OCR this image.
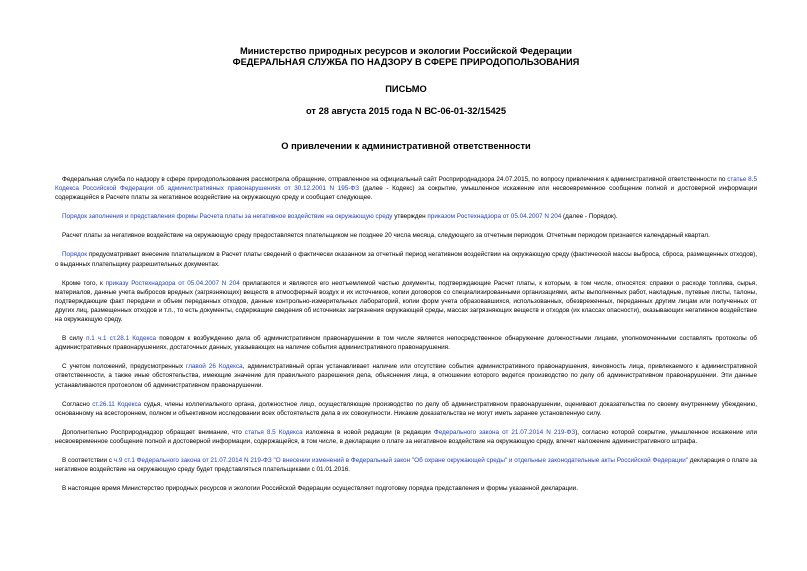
Министерство природных ресурсов и экологии Российской Федерации
ФЕДЕРАЛЬНАЯ СЛУЖБА ПО НАДЗОРУ В СФЕРЕ ПРИРОДОПОЛЬЗОВАНИЯ
ПИСЬМО
от 28 августа 2015 года N ВС-06-01-32/15425
О привлечении к административной ответственности

Федеральная служба по надзору в сфере природопользования рассмотрела обращение, отправленное на официальный сайт Росприроднадзора 24.07.2015, по вопросу привлечения к административной ответственности по статье 8.5 Кодекса Российской Федерации об административных правонарушениях от 30.12.2001 N 195-ФЗ (далее - Кодекс) за сокрытие, умышленное искажение или несвоевременное сообщение полной и достоверной информации содержащейся в Расчете платы за негативное воздействие на окружающую среду и сообщает следующее.

Порядок заполнения и представления формы Расчета платы за негативное воздействие на окружающую среду утвержден приказом Ростехнадзора от 05.04.2007 N 204 (далее - Порядок).

Расчет платы за негативное воздействие на окружающую среду предоставляется плательщиком не позднее 20 числа месяца, следующего за отчетным периодом. Отчетным периодом признается календарный квартал.

Порядок предусматривает внесение плательщиком в Расчет платы сведений о фактически оказанном за отчетный период негативном воздействии на окружающую среду (фактической массы выброса, сброса, размещенных отходов), о выданных плательщику разрешительных документах.

Кроме того, к приказу Ростехнадзора от 05.04.2007 N 204 прилагаются и являются его неотъемлемой частью документы, подтверждающие Расчет платы, к которым, в том числе, относятся: справки о расходе топлива, сырья, материалов, данные учета выбросов вредных (загрязняющих) веществ в атмосферный воздух и их источников, копии договоров со специализированными организациями, акты выполненных работ, накладные, путевые листы, талоны, подтверждающие факт передачи и объем переданных отходов, данные контрольно-измерительных лабораторий, копии форм учета образовавшихся, использованных, обезвреженных, переданных другим лицам или полученных от других лиц, размещенных отходов и т.п., то есть документы, содержащие сведения об источниках загрязнения окружающей среды, массах загрязняющих веществ и отходов (их классах опасности), оказывающих негативное воздействие на окружающую среду.

В силу п.1 ч.1 ст.28.1 Кодекса поводом к возбуждению дела об административном правонарушении в том числе является непосредственное обнаружение должностными лицами, уполномоченными составлять протоколы об административных правонарушениях, достаточных данных, указывающих на наличие события административного правонарушения.

С учетом положений, предусмотренных главой 26 Кодекса, административный орган устанавливает наличие или отсутствие события административного правонарушения, виновность лица, привлекаемого к административной ответственности, а также иные обстоятельства, имеющие значение для правильного разрешения дела, объяснения лица, в отношении которого ведется производство по делу об административном правонарушении. Эти данные устанавливаются протоколом об административном правонарушении.

Согласно ст.26.11 Кодекса судья, члены коллегиального органа, должностное лицо, осуществляющие производство по делу об административном правонарушении, оценивают доказательства по своему внутреннему убеждению, основанному на всестороннем, полном и объективном исследовании всех обстоятельств дела в их совокупности. Никакие доказательства не могут иметь заранее установленную силу.

Дополнительно Росприроднадзор обращает внимание, что статья 8.5 Кодекса изложена в новой редакции (в редакции Федерального закона от 21.07.2014 N 219-ФЗ), согласно которой сокрытие, умышленное искажение или несвоевременное сообщение полной и достоверной информации, содержащейся, в том числе, в декларации о плате за негативное воздействие на окружающую среду, влечет наложение административного штрафа.

В соответствии с ч.9 ст.1 Федерального закона от 21.07.2014 N 219-ФЗ "О внесении изменений в Федеральный закон "Об охране окружающей среды" и отдельные законодательные акты Российской Федерации" декларация о плате за негативное воздействие на окружающую среду будет представляться плательщиками с 01.01.2016.

В настоящее время Министерство природных ресурсов и экологии Российской Федерации осуществляет подготовку порядка представления и формы указанной декларации.
